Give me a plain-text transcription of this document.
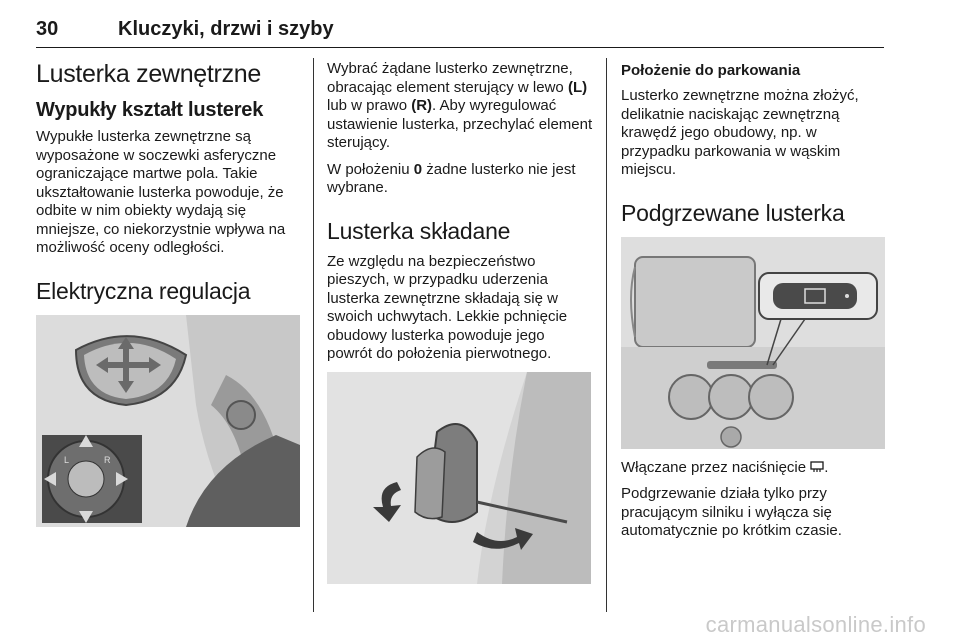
30	Kluczyki, drzwi i szyby
Lusterka zewnętrzne
Wypukły kształt lusterek

Wypukłe lusterka zewnętrzne są wyposażone w soczewki asferyczne ograniczające martwe pola. Takie ukształtowanie lusterka powoduje, że odbite w nim obiekty wydają się mniejsze, co niekorzystnie wpływa na możliwość oceny odległości.

Elektryczna regulacja
L	R

Wybrać żądane lusterko zewnętrzne, obracając element sterujący w lewo (L) lub w prawo (R). Aby wyregulować ustawienie lusterka, przechylać element sterujący.

W położeniu 0 żadne lusterko nie jest wybrane.

Lusterka składane

Ze względu na bezpieczeństwo pieszych, w przypadku uderzenia lusterka zewnętrzne składają się w swoich uchwytach. Lekkie pchnięcie obudowy lusterka powoduje jego powrót do położenia pierwotnego.

Położenie do parkowania

Lusterko zewnętrzne można złożyć, delikatnie naciskając zewnętrzną krawędź jego obudowy, np. w przypadku parkowania w wąskim miejscu.

Podgrzewane lusterka

Włączane przez naciśnięcie .

Podgrzewanie działa tylko przy pracującym silniku i wyłącza się automatycznie po krótkim czasie.

carmanualsonline.info
